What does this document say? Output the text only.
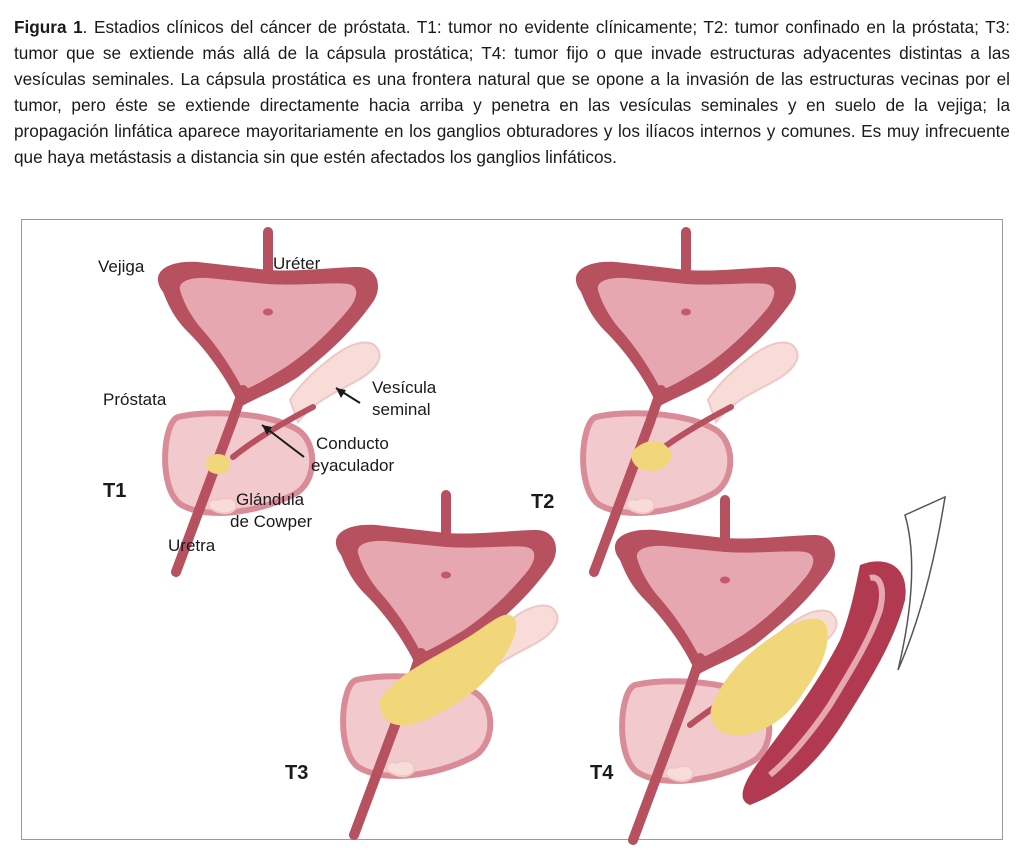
Figura 1. Estadios clínicos del cáncer de próstata. T1: tumor no evidente clínicamente; T2: tumor confinado en la próstata; T3: tumor que se extiende más allá de la cápsula prostática; T4: tumor fijo o que invade estructuras adyacentes distintas a las vesículas seminales. La cápsula prostática es una frontera natural que se opone a la invasión de las estructuras vecinas por el tumor, pero éste se extiende directamente hacia arriba y penetra en las vesículas seminales y en suelo de la vejiga; la propagación linfática aparece mayoritariamente en los ganglios obturadores y los ilíacos internos y comunes. Es muy infrecuente que haya metástasis a distancia sin que estén afectados los ganglios linfáticos.
Vejiga	Uréter
Próstata
Vesícula
seminal
Conducto
eyaculador
Glándula
de Cowper
Uretra
T1	T2
T3	T4
